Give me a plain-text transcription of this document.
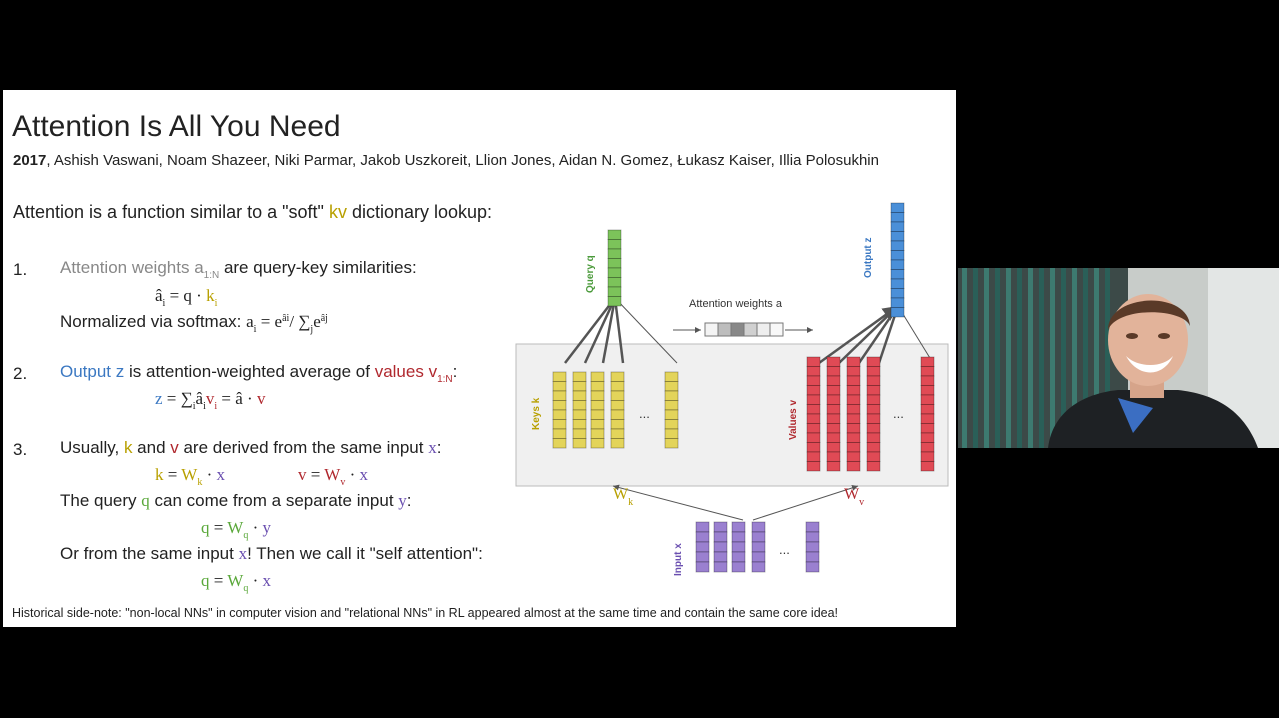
Attention Is All You Need
2017, Ashish Vaswani, Noam Shazeer, Niki Parmar, Jakob Uszkoreit, Llion Jones, Aidan N. Gomez, Łukasz Kaiser, Illia Polosukhin
Attention is a function similar to a "soft" kv dictionary lookup:
1. Attention weights $a_{1:N}$ are query-key similarities:
$â_i = q \cdot k_i$
Normalized via softmax: $a_i = e^{âi}/$ $\sum_je^{âj}$
2. Output z is attention-weighted average of values $v_{1:N}$:
$z = \sum_iâ_iv_i$ = â · v
3. Usually, k and v are derived from the same input x:
$k = W_k \cdot x$	$v = W_v \cdot x$
The query q can come from a separate input y:
$q = W_q \cdot y$
Or from the same input x! Then we call it "self attention":
$q = W_q \cdot x$
Historical side-note: "non-local NNs" in computer vision and "relational NNs" in RL appeared almost at the same time and contain the same core idea!
Query q	Output z
Keys k	Values v
Input x
Attention weights a
$W_k$	$W_v$
...	...
...
